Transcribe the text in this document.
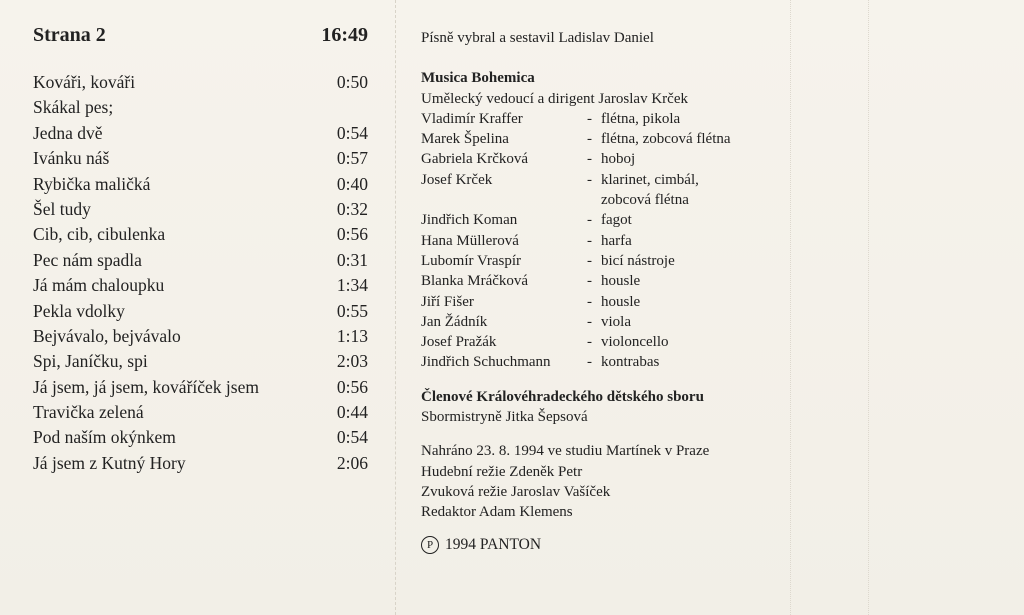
Strana 2	16:49
Kováři, kováři	0:50
Skákal pes;
Jedna dvě	0:54
Ivánku náš	0:57
Rybička maličká	0:40
Šel tudy	0:32
Cib, cib, cibulenka	0:56
Pec nám spadla	0:31
Já mám chaloupku	1:34
Pekla vdolky	0:55
Bejvávalo, bejvávalo	1:13
Spi, Janíčku, spi	2:03
Já jsem, já jsem, kováříček jsem	0:56
Travička zelená	0:44
Pod naším okýnkem	0:54
Já jsem z Kutný Hory	2:06
Písně vybral a sestavil Ladislav Daniel
Musica Bohemica
Umělecký vedoucí a dirigent Jaroslav Krček
Vladimír Kraffer	- flétna, pikola
Marek Špelina	- flétna, zobcová flétna
Gabriela Krčková	- hoboj
Josef Krček	- klarinet, cimbál,
zobcová flétna
Jindřich Koman	- fagot
Hana Müllerová	- harfa
Lubomír Vraspír	- bicí nástroje
Blanka Mráčková	- housle
Jiří Fišer	- housle
Jan Žádník	- viola
Josef Pražák	- violoncello
Jindřich Schuchmann	- kontrabas
Členové Královéhradeckého dětského sboru
Sbormistryně Jitka Šepsová
Nahráno 23. 8. 1994 ve studiu Martínek v Praze
Hudební režie Zdeněk Petr
Zvuková režie Jaroslav Vašíček
Redaktor Adam Klemens
P 1994 PANTON
